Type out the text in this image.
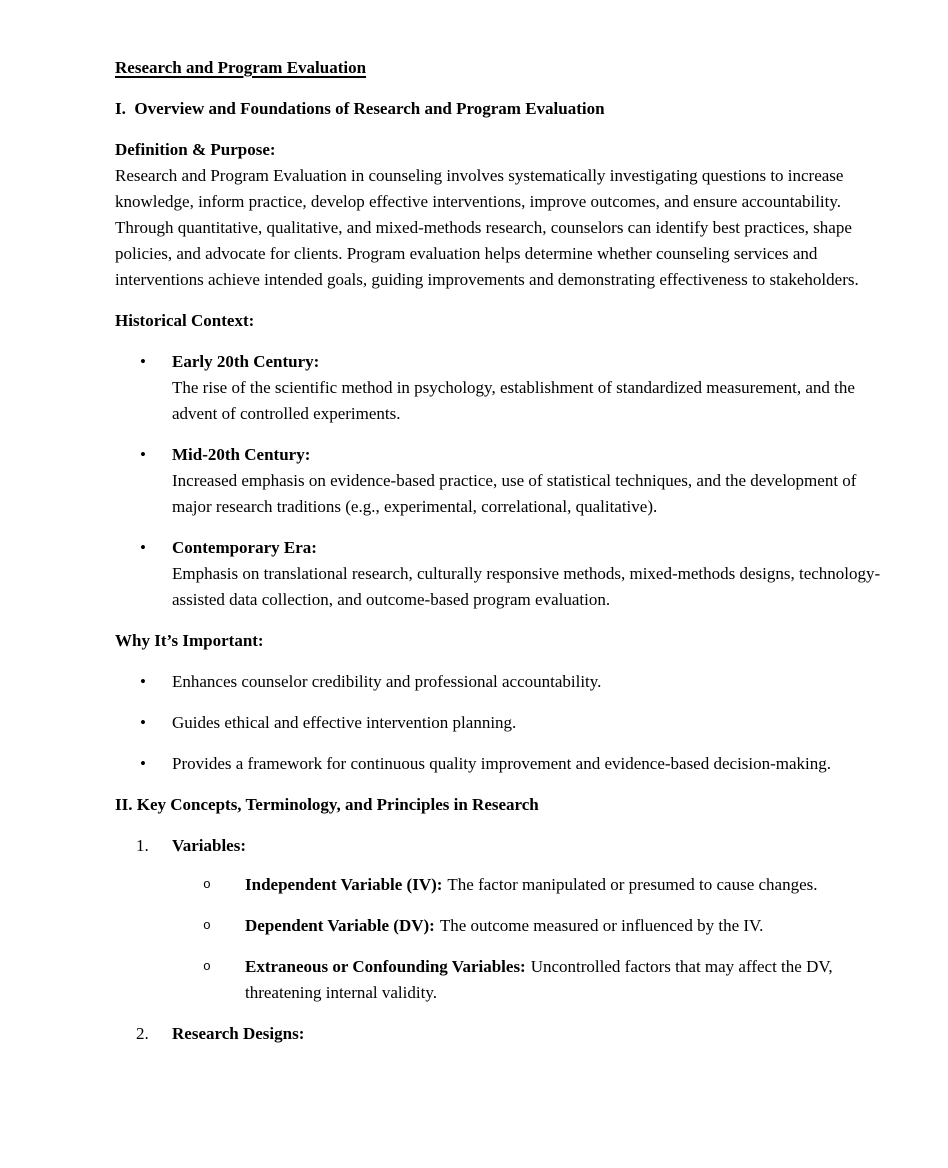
Research and Program Evaluation
I.  Overview and Foundations of Research and Program Evaluation
Definition & Purpose:
Research and Program Evaluation in counseling involves systematically investigating questions to increase knowledge, inform practice, develop effective interventions, improve outcomes, and ensure accountability. Through quantitative, qualitative, and mixed-methods research, counselors can identify best practices, shape policies, and advocate for clients. Program evaluation helps determine whether counseling services and interventions achieve intended goals, guiding improvements and demonstrating effectiveness to stakeholders.
Historical Context:
•	Early 20th Century:
The rise of the scientific method in psychology, establishment of standardized measurement, and the advent of controlled experiments.
•	Mid-20th Century:
Increased emphasis on evidence-based practice, use of statistical techniques, and the development of major research traditions (e.g., experimental, correlational, qualitative).
•	Contemporary Era:
Emphasis on translational research, culturally responsive methods, mixed-methods designs, technology-assisted data collection, and outcome-based program evaluation.
Why It’s Important:
•	Enhances counselor credibility and professional accountability.
•	Guides ethical and effective intervention planning.
•	Provides a framework for continuous quality improvement and evidence-based decision-making.
II. Key Concepts, Terminology, and Principles in Research
1.	Variables:
o	Independent Variable (IV): The factor manipulated or presumed to cause changes.
o	Dependent Variable (DV): The outcome measured or influenced by the IV.
o	Extraneous or Confounding Variables: Uncontrolled factors that may affect the DV, threatening internal validity.
2.	Research Designs:
